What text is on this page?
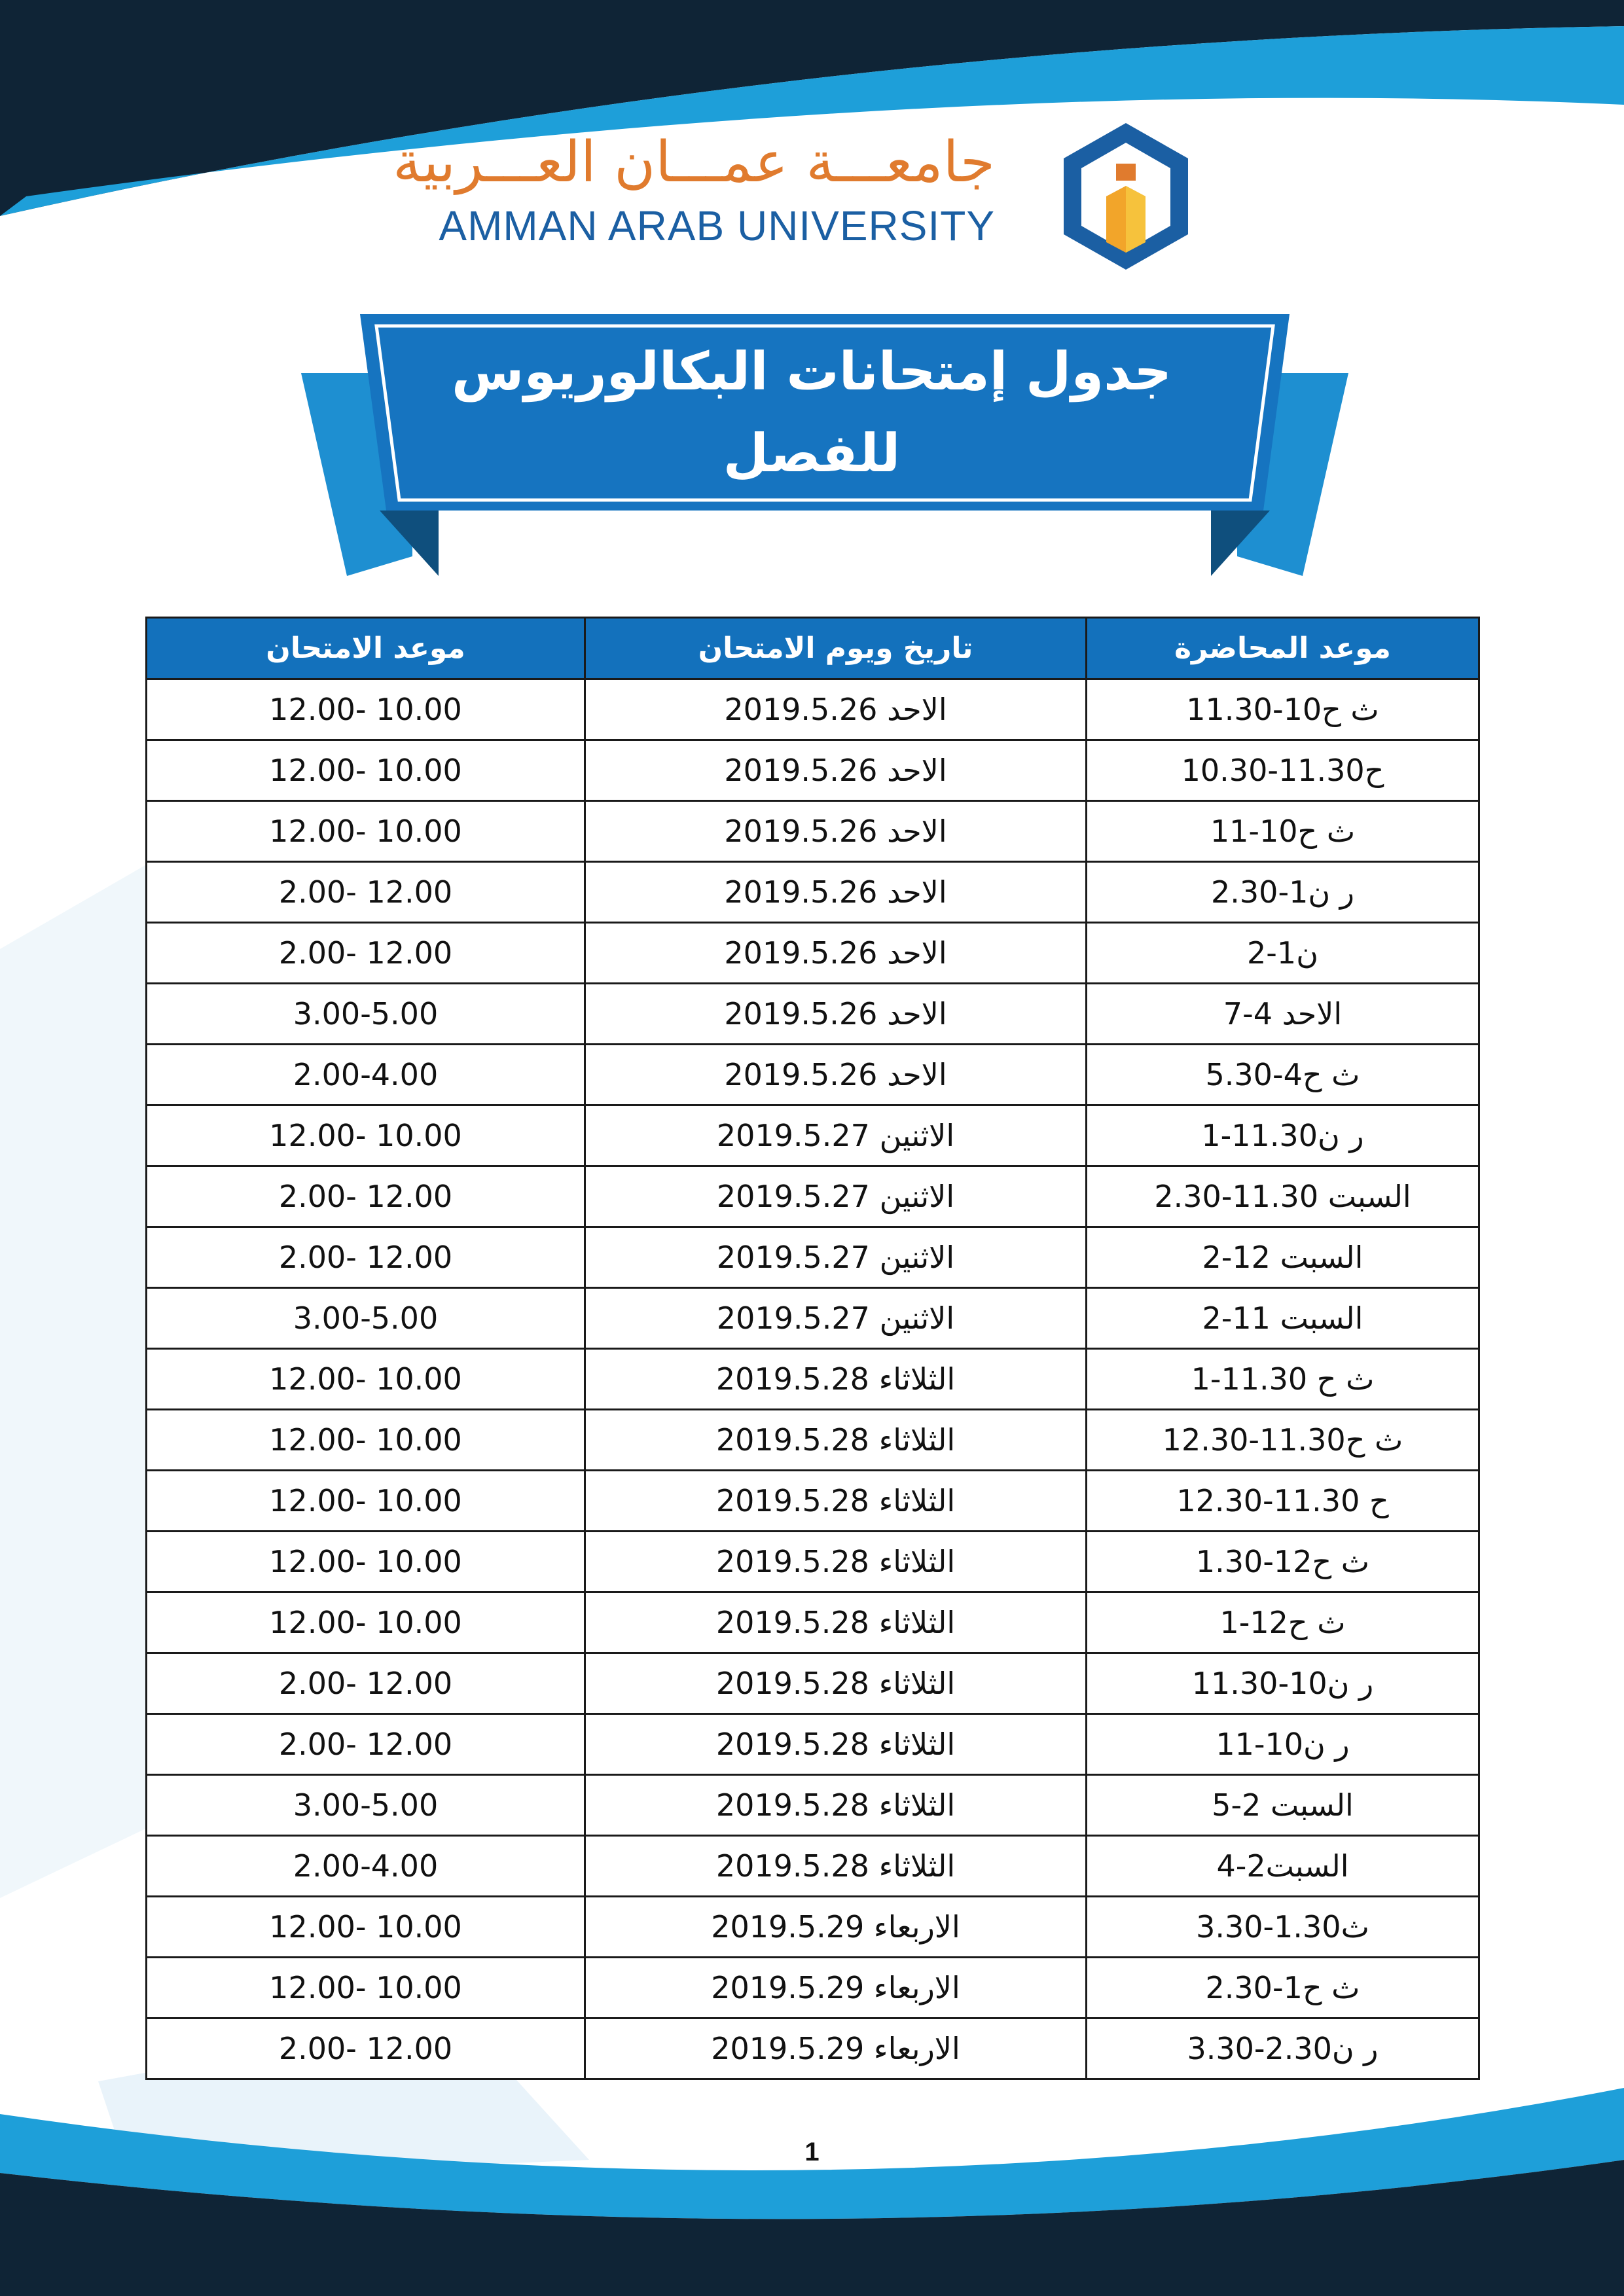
جامعـــة عمـــان العـــربية
AMMAN ARAB UNIVERSITY
جدول إمتحانات البكالوريوس للفصل
الدراسي الثاني 2018-2019
موعد المحاضرة	تاريخ ويوم الامتحان	موعد الامتحان
ث ح10-11.30	الاحد 2019.5.26	10.00 -12.00
ح11.30-10.30	الاحد 2019.5.26	10.00 -12.00
ث ح10-11	الاحد 2019.5.26	10.00 -12.00
ر ن1-2.30	الاحد 2019.5.26	12.00 -2.00
ن1-2	الاحد 2019.5.26	12.00 -2.00
الاحد 4-7	الاحد 2019.5.26	3.00-5.00
ث ح4-5.30	الاحد 2019.5.26	2.00-4.00
ر ن11.30-1	الاثنين 2019.5.27	10.00 -12.00
السبت 11.30-2.30	الاثنين 2019.5.27	12.00 -2.00
السبت 12-2	الاثنين 2019.5.27	12.00 -2.00
السبت 11-2	الاثنين 2019.5.27	3.00-5.00
ث ح 11.30-1	الثلاثاء 2019.5.28	10.00 -12.00
ث ح11.30-12.30	الثلاثاء 2019.5.28	10.00 -12.00
ح 11.30-12.30	الثلاثاء 2019.5.28	10.00 -12.00
ث ح12-1.30	الثلاثاء 2019.5.28	10.00 -12.00
ث ح12-1	الثلاثاء 2019.5.28	10.00 -12.00
ر ن10-11.30	الثلاثاء 2019.5.28	12.00 -2.00
ر ن10-11	الثلاثاء 2019.5.28	12.00 -2.00
السبت 2-5	الثلاثاء 2019.5.28	3.00-5.00
السبت2-4	الثلاثاء 2019.5.28	2.00-4.00
ث1.30-3.30	الاربعاء 2019.5.29	10.00 -12.00
ث ح1-2.30	الاربعاء 2019.5.29	10.00 -12.00
ر ن2.30-3.30	الاربعاء 2019.5.29	12.00 -2.00
1
